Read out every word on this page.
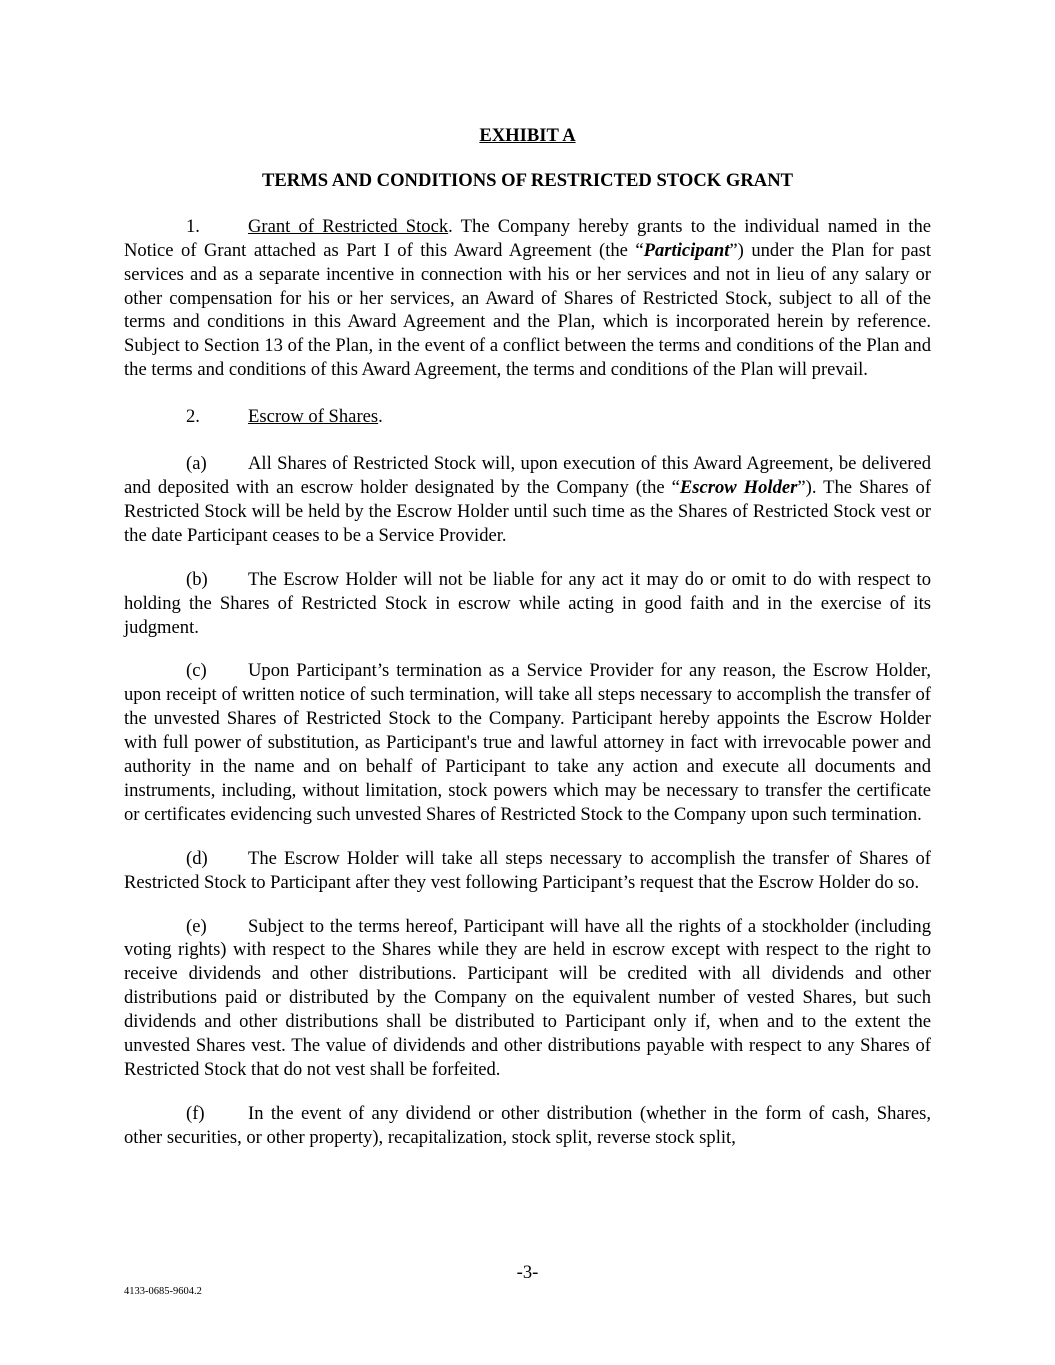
EXHIBIT A

TERMS AND CONDITIONS OF RESTRICTED STOCK GRANT

1.	Grant of Restricted Stock. The Company hereby grants to the individual named in the Notice of Grant attached as Part I of this Award Agreement (the “Participant”) under the Plan for past services and as a separate incentive in connection with his or her services and not in lieu of any salary or other compensation for his or her services, an Award of Shares of Restricted Stock, subject to all of the terms and conditions in this Award Agreement and the Plan, which is incorporated herein by reference. Subject to Section 13 of the Plan, in the event of a conflict between the terms and conditions of the Plan and the terms and conditions of this Award Agreement, the terms and conditions of the Plan will prevail.

2.	Escrow of Shares.

(a) All Shares of Restricted Stock will, upon execution of this Award Agreement, be delivered and deposited with an escrow holder designated by the Company (the “Escrow Holder”). The Shares of Restricted Stock will be held by the Escrow Holder until such time as the Shares of Restricted Stock vest or the date Participant ceases to be a Service Provider.

(b) The Escrow Holder will not be liable for any act it may do or omit to do with respect to holding the Shares of Restricted Stock in escrow while acting in good faith and in the exercise of its judgment.

(c) Upon Participant’s termination as a Service Provider for any reason, the Escrow Holder, upon receipt of written notice of such termination, will take all steps necessary to accomplish the transfer of the unvested Shares of Restricted Stock to the Company. Participant hereby appoints the Escrow Holder with full power of substitution, as Participant's true and lawful attorney in fact with irrevocable power and authority in the name and on behalf of Participant to take any action and execute all documents and instruments, including, without limitation, stock powers which may be necessary to transfer the certificate or certificates evidencing such unvested Shares of Restricted Stock to the Company upon such termination.

(d) The Escrow Holder will take all steps necessary to accomplish the transfer of Shares of Restricted Stock to Participant after they vest following Participant’s request that the Escrow Holder do so.

(e) Subject to the terms hereof, Participant will have all the rights of a stockholder (including voting rights) with respect to the Shares while they are held in escrow except with respect to the right to receive dividends and other distributions. Participant will be credited with all dividends and other distributions paid or distributed by the Company on the equivalent number of vested Shares, but such dividends and other distributions shall be distributed to Participant only if, when and to the extent the unvested Shares vest. The value of dividends and other distributions payable with respect to any Shares of Restricted Stock that do not vest shall be forfeited.

(f) In the event of any dividend or other distribution (whether in the form of cash, Shares, other securities, or other property), recapitalization, stock split, reverse stock split,

-3-
4133-0685-9604.2
